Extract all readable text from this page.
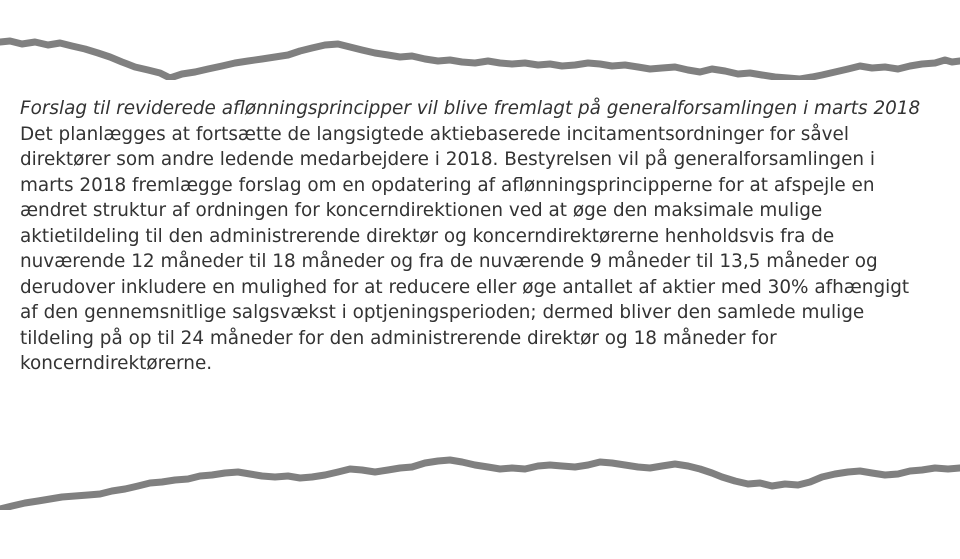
Forslag til reviderede aflønningsprincipper vil blive fremlagt på generalforsamlingen i marts 2018

Det planlægges at fortsætte de langsigtede aktiebaserede incitamentsordninger for såvel direktører som andre ledende medarbejdere i 2018. Bestyrelsen vil på generalforsamlingen i marts 2018 fremlægge forslag om en opdatering af aflønningsprincipperne for at afspejle en ændret struktur af ordningen for koncerndirektionen ved at øge den maksimale mulige aktietildeling til den administrerende direktør og koncerndirektørerne henholdsvis fra de nuværende 12 måneder til 18 måneder og fra de nuværende 9 måneder til 13,5 måneder og derudover inkludere en mulighed for at reducere eller øge antallet af aktier med 30% afhængigt af den gennemsnitlige salgsvækst i optjeningsperioden; dermed bliver den samlede mulige tildeling på op til 24 måneder for den administrerende direktør og 18 måneder for koncerndirektørerne.
